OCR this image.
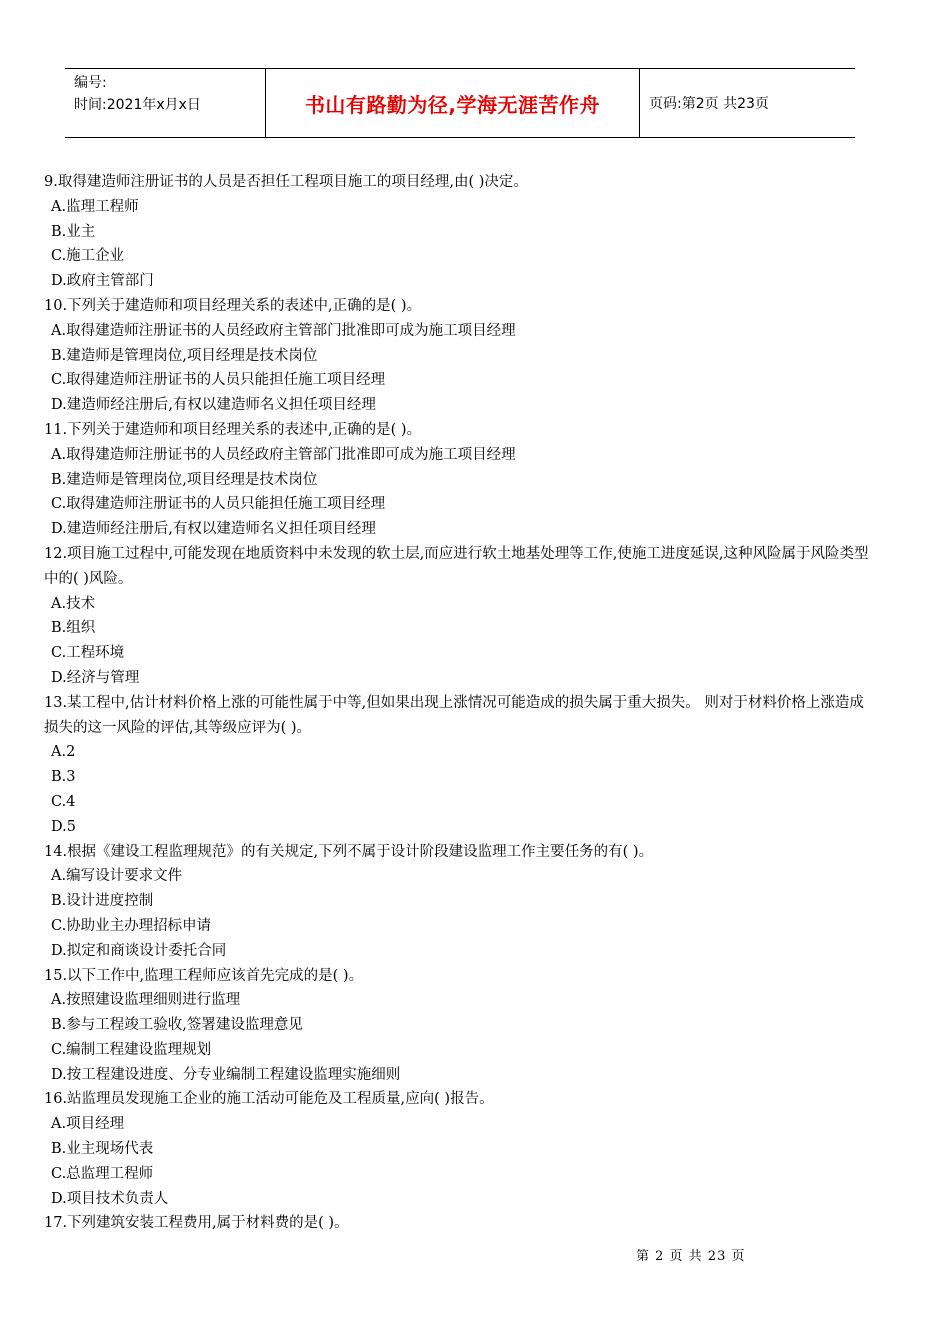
编号:
时间:2021年x月x日	书山有路勤为径,学海无涯苦作舟	页码:第2页 共23页

9.取得建造师注册证书的人员是否担任工程项目施工的项目经理,由( )决定。

A.监理工程师

B.业主

C.施工企业

D.政府主管部门

10.下列关于建造师和项目经理关系的表述中,正确的是( )。

A.取得建造师注册证书的人员经政府主管部门批准即可成为施工项目经理

B.建造师是管理岗位,项目经理是技术岗位

C.取得建造师注册证书的人员只能担任施工项目经理

D.建造师经注册后,有权以建造师名义担任项目经理

11.下列关于建造师和项目经理关系的表述中,正确的是( )。

A.取得建造师注册证书的人员经政府主管部门批准即可成为施工项目经理

B.建造师是管理岗位,项目经理是技术岗位

C.取得建造师注册证书的人员只能担任施工项目经理

D.建造师经注册后,有权以建造师名义担任项目经理

12.项目施工过程中,可能发现在地质资料中未发现的软土层,而应进行软土地基处理等工作,使施工进度延误,这种风险属于风险类型中的( )风险。

A.技术

B.组织

C.工程环境

D.经济与管理

13.某工程中,估计材料价格上涨的可能性属于中等,但如果出现上涨情况可能造成的损失属于重大损失。 则对于材料价格上涨造成损失的这一风险的评估,其等级应评为( )。

A.2

B.3

C.4

D.5

14.根据《建设工程监理规范》的有关规定,下列不属于设计阶段建设监理工作主要任务的有( )。

A.编写设计要求文件

B.设计进度控制

C.协助业主办理招标申请

D.拟定和商谈设计委托合同

15.以下工作中,监理工程师应该首先完成的是( )。

A.按照建设监理细则进行监理

B.参与工程竣工验收,签署建设监理意见

C.编制工程建设监理规划

D.按工程建设进度、分专业编制工程建设监理实施细则

16.站监理员发现施工企业的施工活动可能危及工程质量,应向( )报告。

A.项目经理

B.业主现场代表

C.总监理工程师

D.项目技术负责人

17.下列建筑安装工程费用,属于材料费的是( )。

第 2 页 共 23 页
